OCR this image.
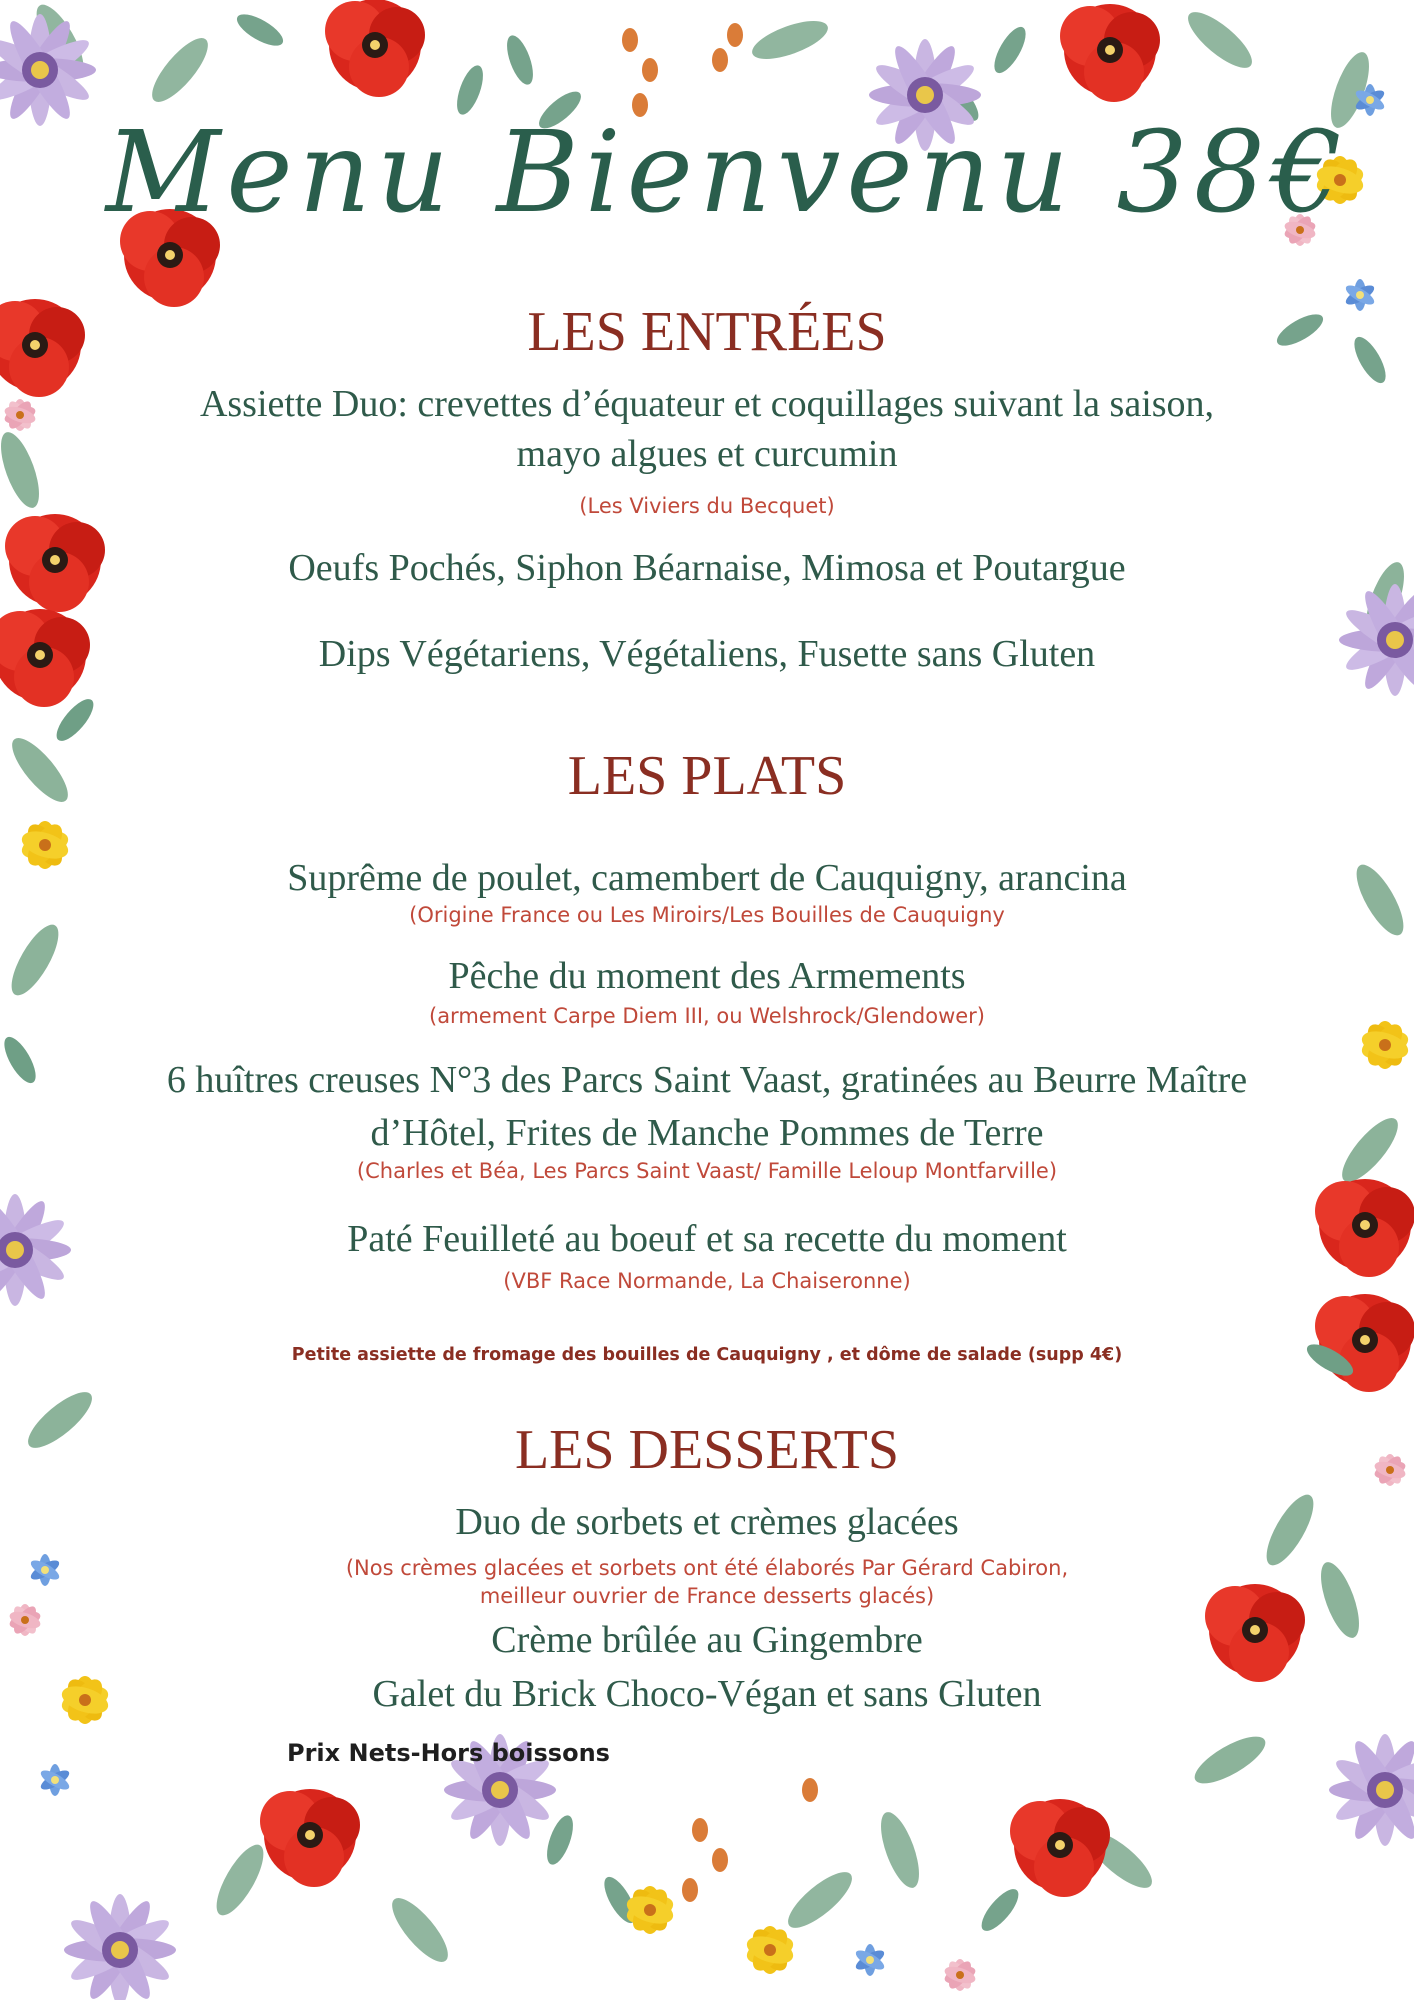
Menu Bienvenu 38€
LES ENTRÉES
Assiette Duo: crevettes d’équateur et coquillages suivant la saison,
mayo algues et curcumin
(Les Viviers du Becquet)
Oeufs Pochés, Siphon Béarnaise, Mimosa et Poutargue
Dips Végétariens, Végétaliens, Fusette sans Gluten
LES PLATS
Suprême de poulet, camembert de Cauquigny, arancina
(Origine France ou Les Miroirs/Les Bouilles de Cauquigny
Pêche du moment des Armements
(armement Carpe Diem III, ou Welshrock/Glendower)
6 huîtres creuses N°3 des Parcs Saint Vaast, gratinées au Beurre Maître
d’Hôtel, Frites de Manche Pommes de Terre
(Charles et Béa, Les Parcs Saint Vaast/ Famille Leloup Montfarville)
Paté Feuilleté au boeuf et sa recette du moment
(VBF Race Normande, La Chaiseronne)
Petite assiette de fromage des bouilles de Cauquigny , et dôme de salade (supp 4€)
LES DESSERTS
Duo de sorbets et crèmes glacées
(Nos crèmes glacées et sorbets ont été élaborés Par Gérard Cabiron,
meilleur ouvrier de France desserts glacés)
Crème brûlée au Gingembre
Galet du Brick Choco-Végan et sans Gluten
Prix Nets-Hors boissons
